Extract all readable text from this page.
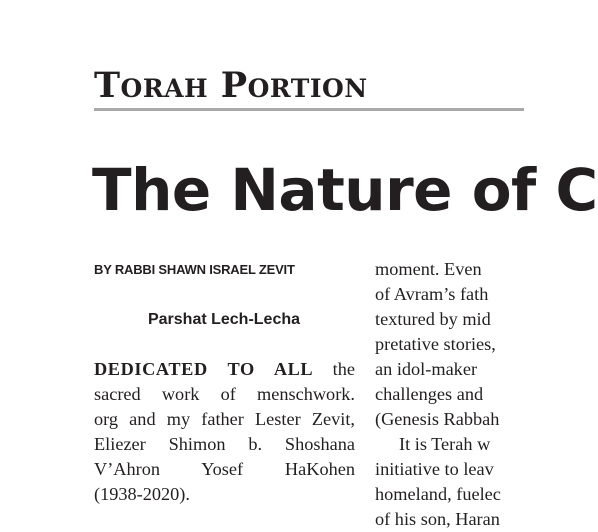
Torah Portion
The Nature of C
BY RABBI SHAWN ISRAEL ZEVIT
Parshat Lech-Lecha
DEDICATED TO ALL the
sacred work of menschwork.
org and my father Lester Zevit,
Eliezer Shimon b. Shoshana
V’Ahron Yosef HaKohen
(1938-2020).
moment. Even
of Avram’s fath
textured by mid
pretative stories,
an idol-maker
challenges and
(Genesis Rabbah
It is Terah w
initiative to leav
homeland, fuelec
of his son, Haran
